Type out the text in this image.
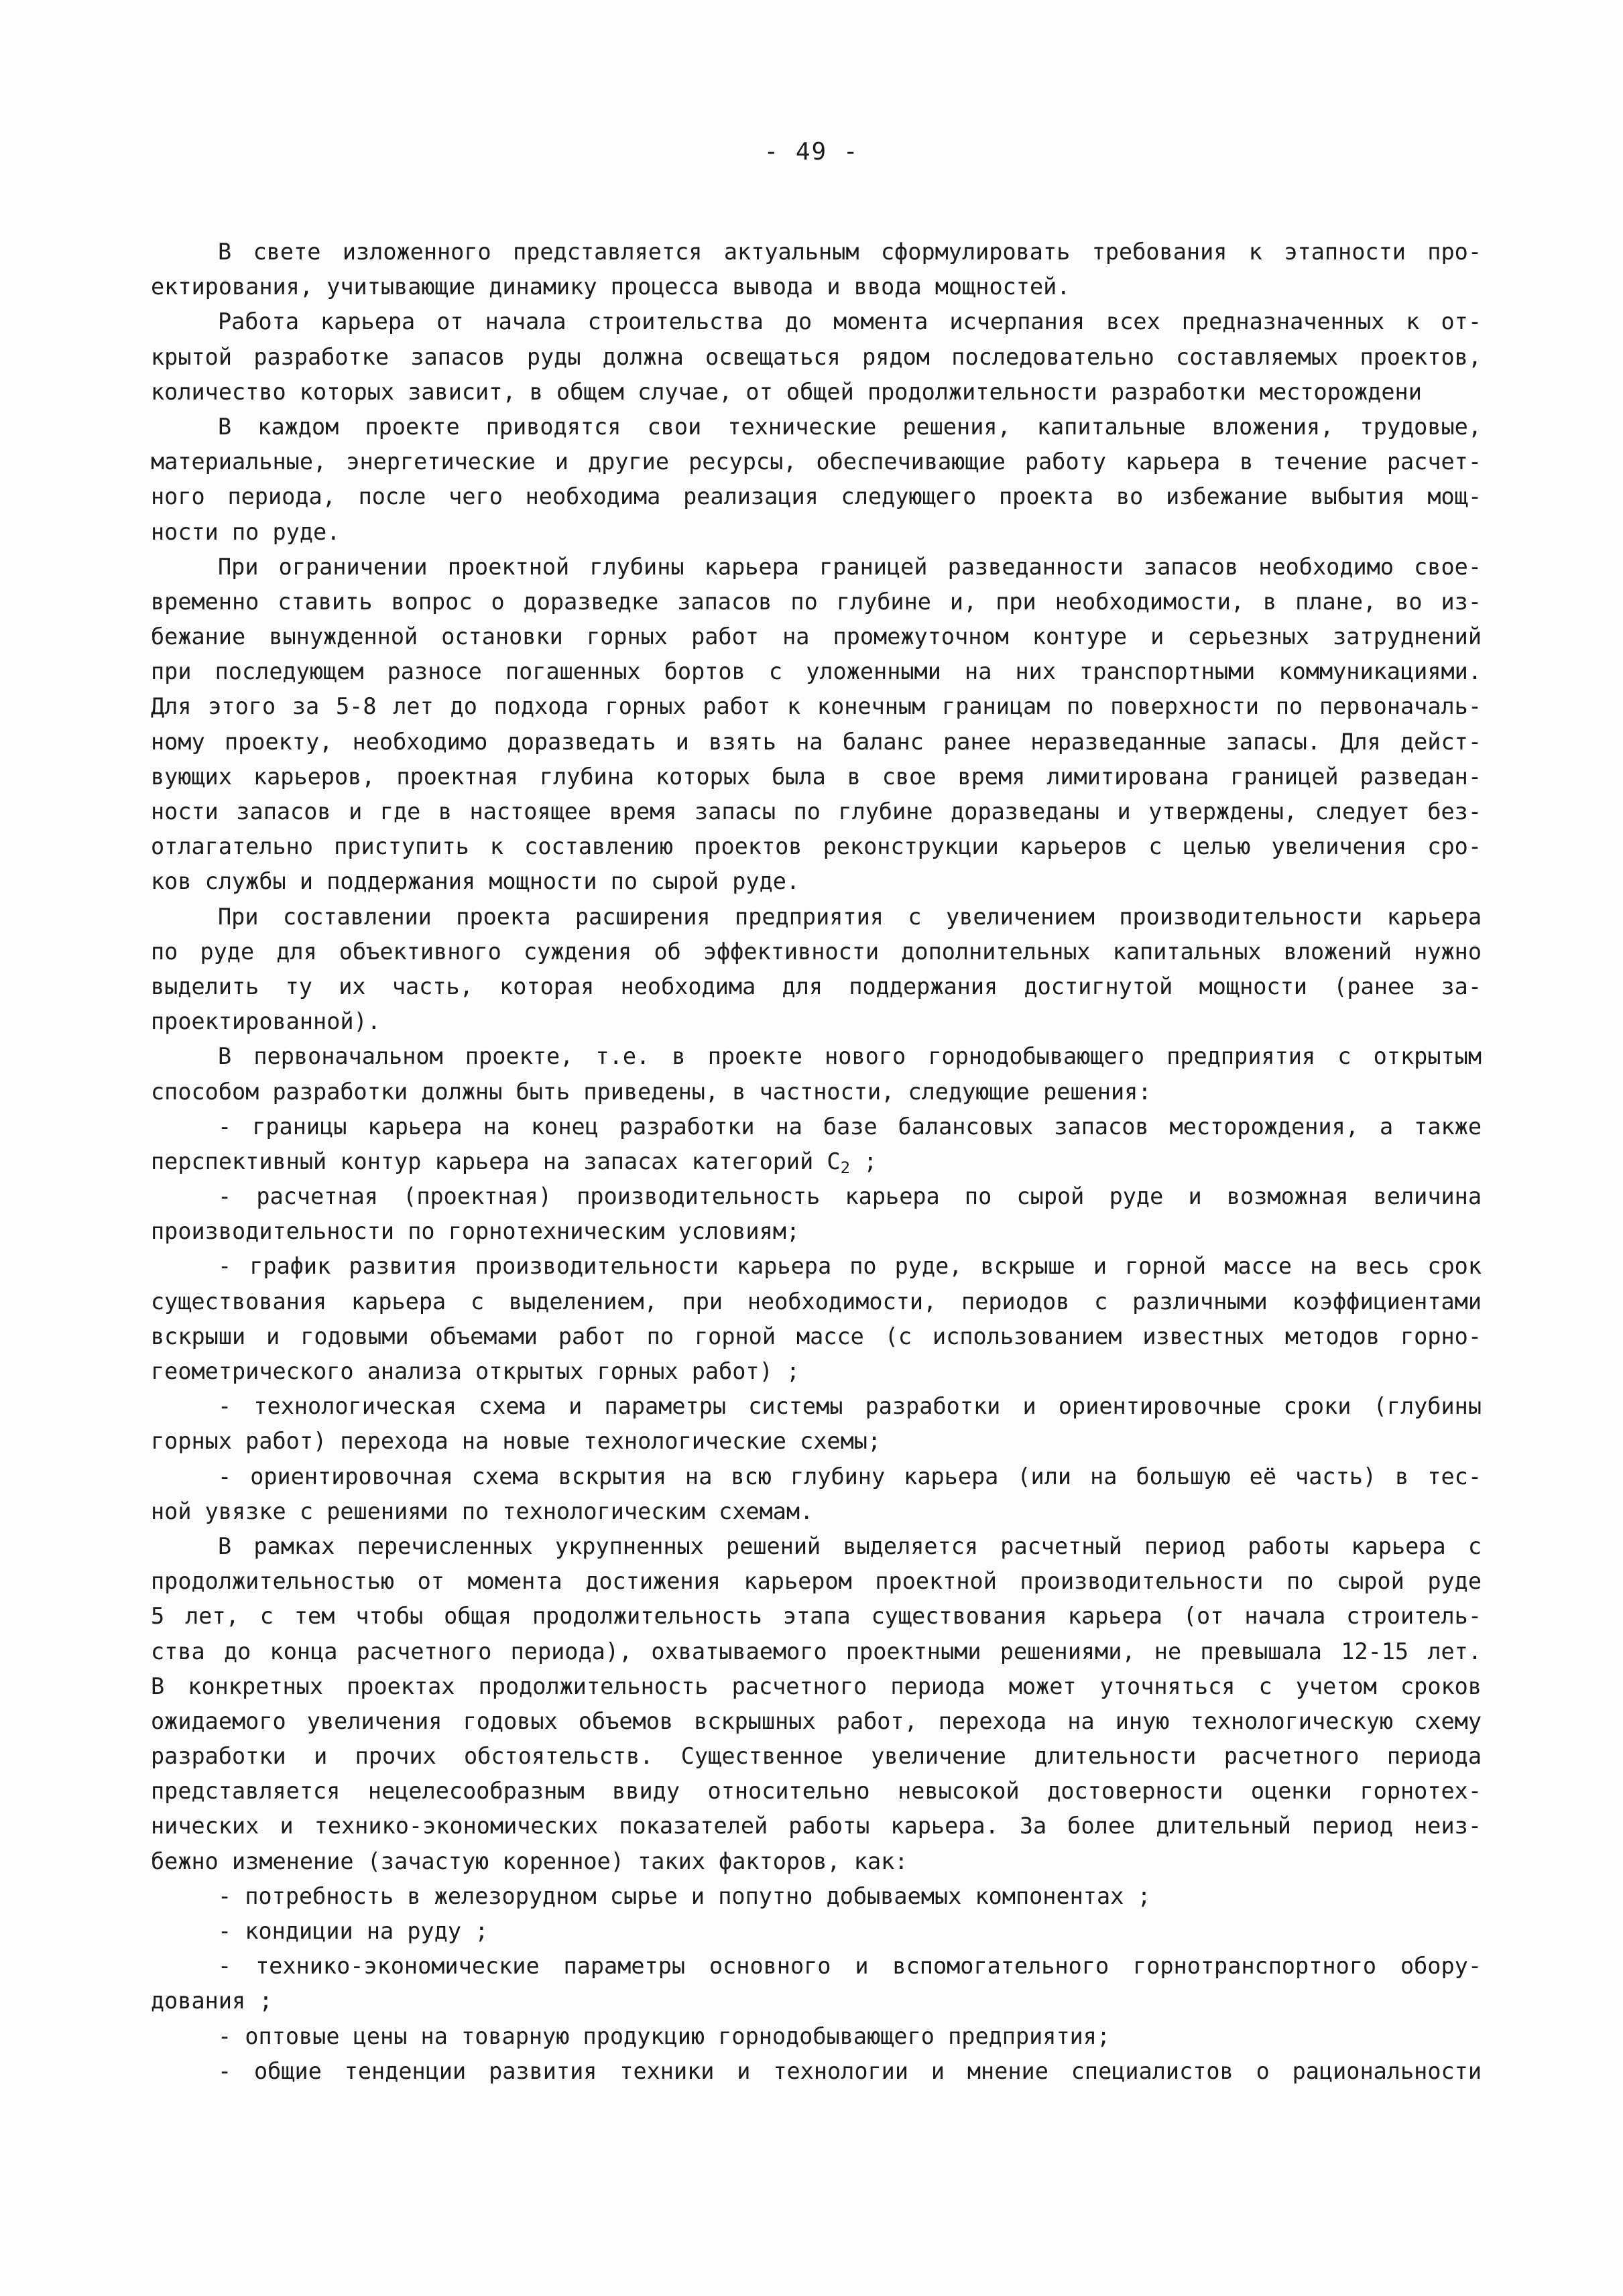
- 49 -
В свете изложенного представляется актуальным сформулировать требования к этапности про-
ектирования, учитывающие динамику процесса вывода и ввода мощностей.
Работа карьера от начала строительства до момента исчерпания всех предназначенных к от-
крытой разработке запасов руды должна освещаться рядом последовательно составляемых проектов,
количество которых зависит, в общем случае, от общей продолжительности разработки месторождени
В каждом проекте приводятся свои технические решения, капитальные вложения, трудовые,
материальные, энергетические и другие ресурсы, обеспечивающие работу карьера в течение расчет-
ного периода, после чего необходима реализация следующего проекта во избежание выбытия мощ-
ности по руде.
При ограничении проектной глубины карьера границей разведанности запасов необходимо свое-
временно ставить вопрос о доразведке запасов по глубине и, при необходимости, в плане, во из-
бежание вынужденной остановки горных работ на промежуточном контуре и серьезных затруднений
при последующем разносе погашенных бортов с уложенными на них транспортными коммуникациями.
Для этого за 5-8 лет до подхода горных работ к конечным границам по поверхности по первоначаль-
ному проекту, необходимо доразведать и взять на баланс ранее неразведанные запасы. Для дейст-
вующих карьеров, проектная глубина которых была в свое время лимитирована границей разведан-
ности запасов и где в настоящее время запасы по глубине доразведаны и утверждены, следует без-
отлагательно приступить к составлению проектов реконструкции карьеров с целью увеличения сро-
ков службы и поддержания мощности по сырой руде.
При составлении проекта расширения предприятия с увеличением производительности карьера
по руде для объективного суждения об эффективности дополнительных капитальных вложений нужно
выделить ту их часть, которая необходима для поддержания достигнутой мощности (ранее за-
проектированной).
В первоначальном проекте, т.е. в проекте нового горнодобывающего предприятия с открытым
способом разработки должны быть приведены, в частности, следующие решения:
- границы карьера на конец разработки на базе балансовых запасов месторождения, а также
перспективный контур карьера на запасах категорий $C_2$ ;
- расчетная (проектная) производительность карьера по сырой руде и возможная величина
производительности по горнотехническим условиям;
- график развития производительности карьера по руде, вскрыше и горной массе на весь срок
существования карьера с выделением, при необходимости, периодов с различными коэффициентами
вскрыши и годовыми объемами работ по горной массе (с использованием известных методов горно-
геометрического анализа открытых горных работ) ;
- технологическая схема и параметры системы разработки и ориентировочные сроки (глубины
горных работ) перехода на новые технологические схемы;
- ориентировочная схема вскрытия на всю глубину карьера (или на большую её часть) в тес-
ной увязке с решениями по технологическим схемам.
В рамках перечисленных укрупненных решений выделяется расчетный период работы карьера с
продолжительностью от момента достижения карьером проектной производительности по сырой руде
5 лет, с тем чтобы общая продолжительность этапа существования карьера (от начала строитель-
ства до конца расчетного периода), охватываемого проектными решениями, не превышала 12-15 лет.
В конкретных проектах продолжительность расчетного периода может уточняться с учетом сроков
ожидаемого увеличения годовых объемов вскрышных работ, перехода на иную технологическую схему
разработки и прочих обстоятельств. Существенное увеличение длительности расчетного периода
представляется нецелесообразным ввиду относительно невысокой достоверности оценки горнотех-
нических и технико-экономических показателей работы карьера. За более длительный период неиз-
бежно изменение (зачастую коренное) таких факторов, как:
- потребность в железорудном сырье и попутно добываемых компонентах ;
- кондиции на руду ;
- технико-экономические параметры основного и вспомогательного горнотранспортного обору-
дования ;
- оптовые цены на товарную продукцию горнодобывающего предприятия;
- общие тенденции развития техники и технологии и мнение специалистов о рациональности
